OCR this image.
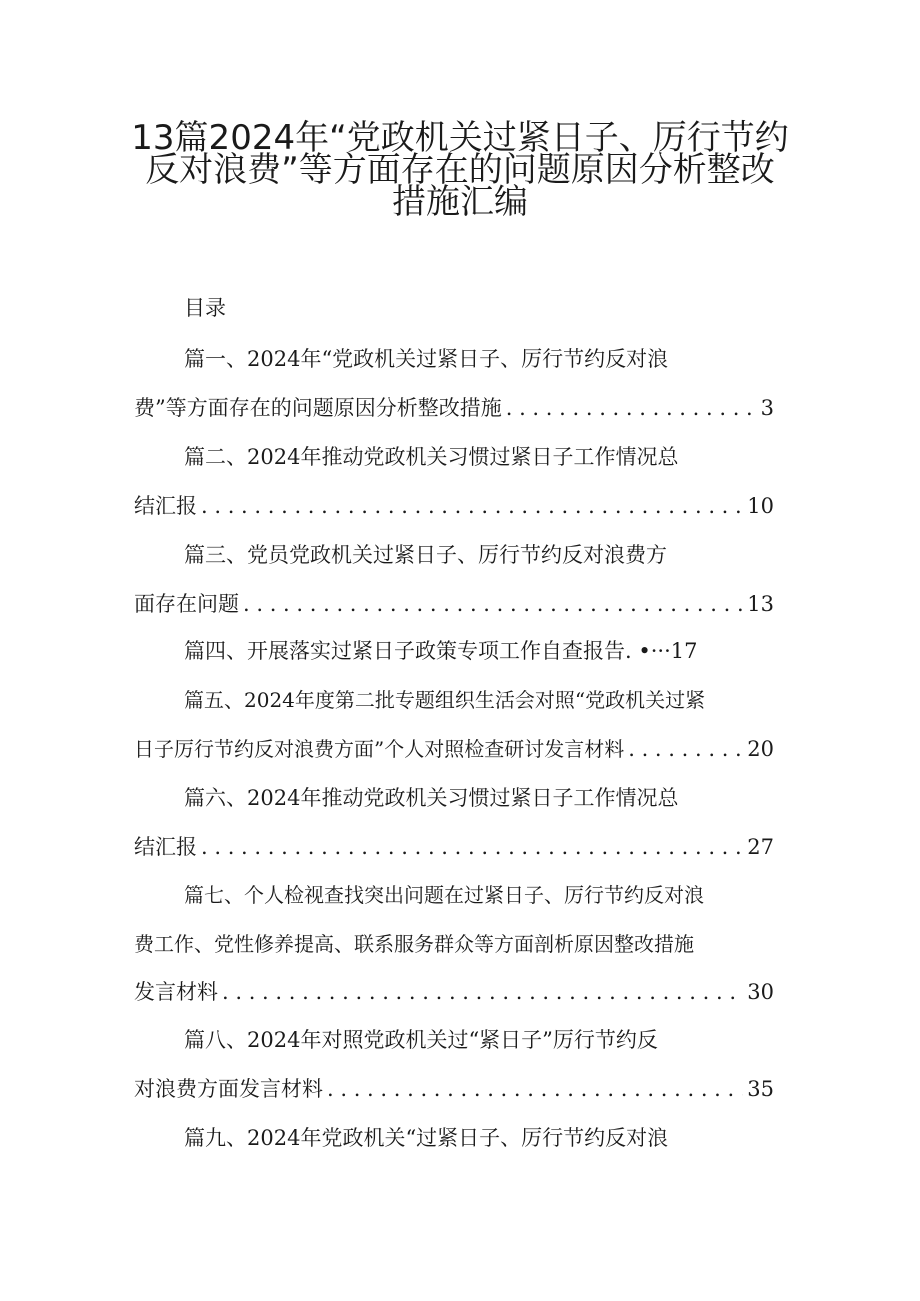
13篇2024年“党政机关过紧日子、厉行节约
反对浪费”等方面存在的问题原因分析整改
措施汇编
目录
篇一、2024年“党政机关过紧日子、厉行节约反对浪
费”等方面存在的问题原因分析整改措施 . . .	3
篇二、2024年推动党政机关习惯过紧日子工作情况总
结汇报 . . .	10
篇三、党员党政机关过紧日子、厉行节约反对浪费方
面存在问题 . . .	13
篇四、开展落实过紧日子政策专项工作自查报告. •···17
篇五、2024年度第二批专题组织生活会对照“党政机关过紧
日子厉行节约反对浪费方面”个人对照检查研讨发言材料 . . .	20
篇六、2024年推动党政机关习惯过紧日子工作情况总
结汇报 . . .	27
篇七、个人检视查找突出问题在过紧日子、厉行节约反对浪
费工作、党性修养提高、联系服务群众等方面剖析原因整改措施
发言材料 . . .	30
篇八、2024年对照党政机关过“紧日子”厉行节约反
对浪费方面发言材料 . . .	35
篇九、2024年党政机关“过紧日子、厉行节约反对浪
